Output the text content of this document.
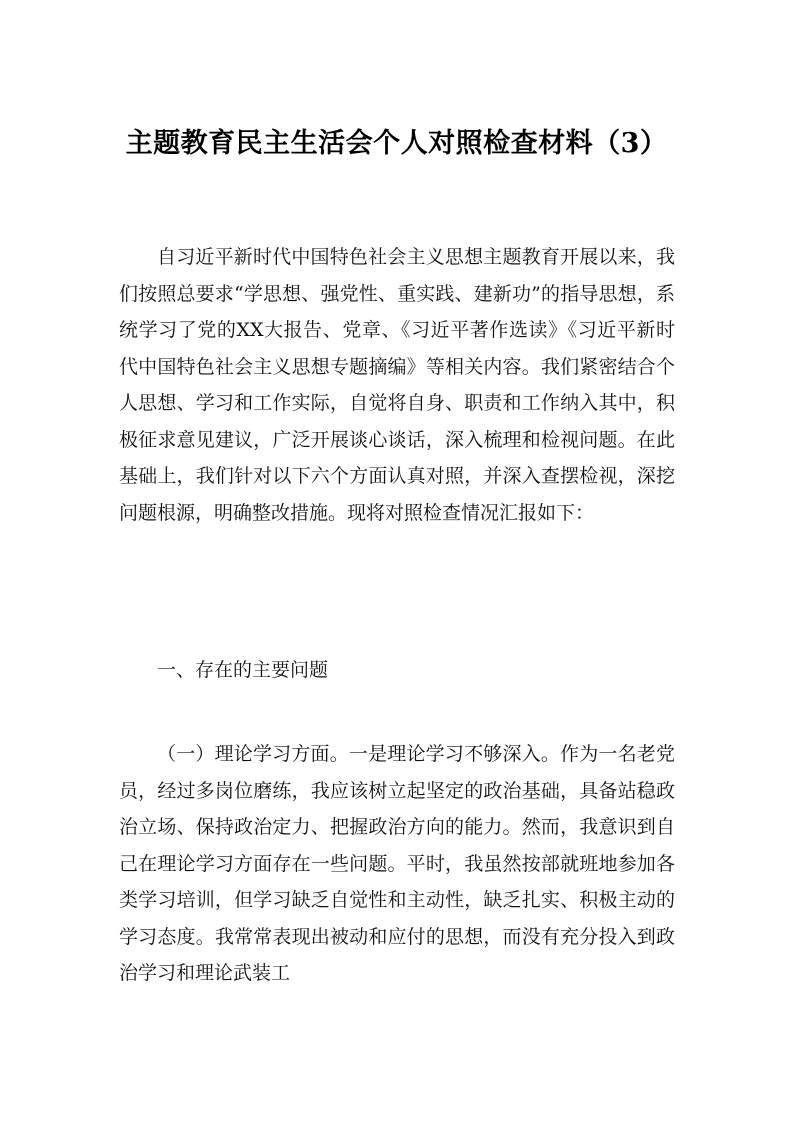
主题教育民主生活会个人对照检查材料（3）

自习近平新时代中国特色社会主义思想主题教育开展以来，我们按照总要求“学思想、强党性、重实践、建新功”的指导思想，系统学习了党的XX大报告、党章、《习近平著作选读》《习近平新时代中国特色社会主义思想专题摘编》等相关内容。我们紧密结合个人思想、学习和工作实际，自觉将自身、职责和工作纳入其中，积极征求意见建议，广泛开展谈心谈话，深入梳理和检视问题。在此基础上，我们针对以下六个方面认真对照，并深入查摆检视，深挖问题根源，明确整改措施。现将对照检查情况汇报如下：

一、存在的主要问题

（一）理论学习方面。一是理论学习不够深入。作为一名老党员，经过多岗位磨练，我应该树立起坚定的政治基础，具备站稳政治立场、保持政治定力、把握政治方向的能力。然而，我意识到自己在理论学习方面存在一些问题。平时，我虽然按部就班地参加各类学习培训，但学习缺乏自觉性和主动性，缺乏扎实、积极主动的学习态度。我常常表现出被动和应付的思想，而没有充分投入到政治学习和理论武装工
